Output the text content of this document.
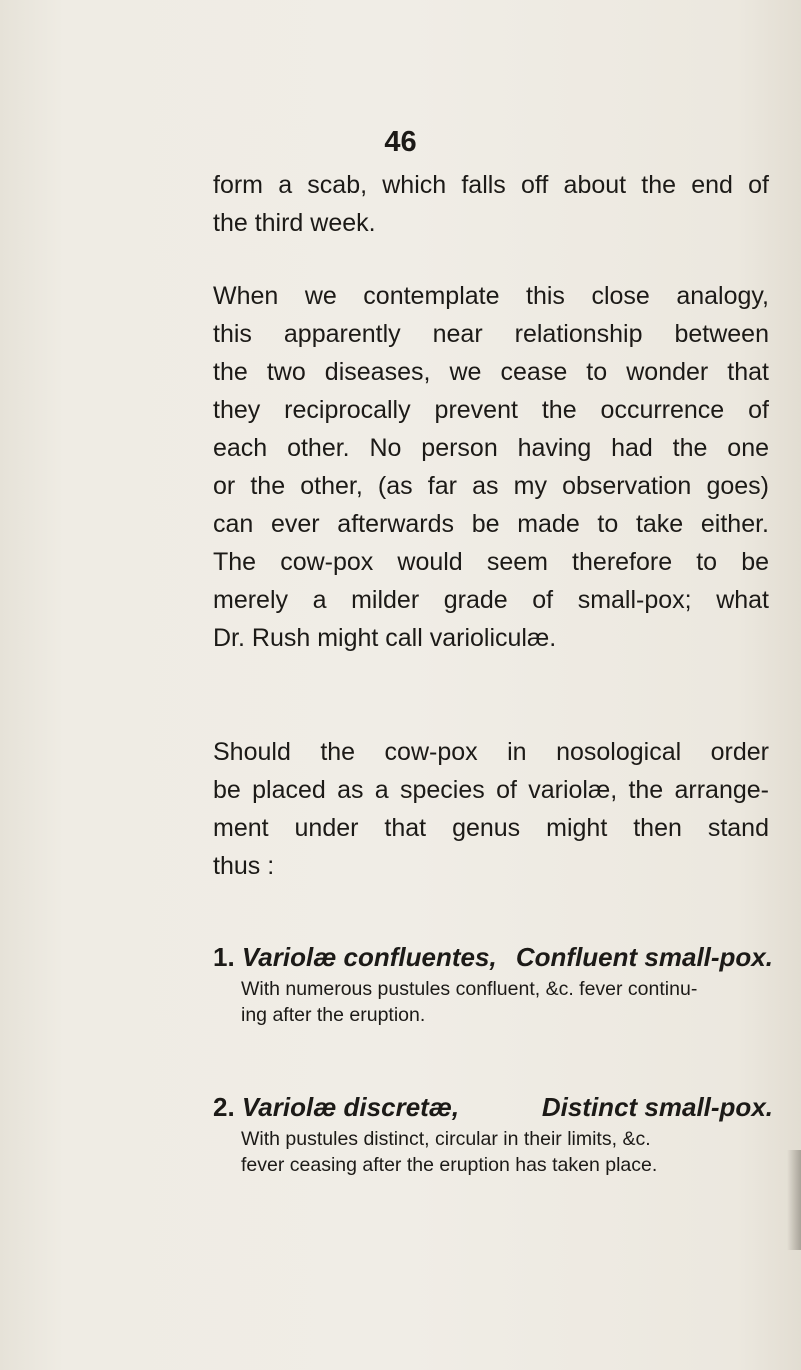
46
form a scab, which falls off about the end of
the third week.
When we contemplate this close analogy,
this apparently near relationship between
the two diseases, we cease to wonder that
they reciprocally prevent the occurrence of
each other. No person having had the one
or the other, (as far as my observation goes)
can ever afterwards be made to take either.
The cow-pox would seem therefore to be
merely a milder grade of small-pox; what
Dr. Rush might call varioliculæ.
Should the cow-pox in nosological order
be placed as a species of variolæ, the arrange-
ment under that genus might then stand
thus :
1. Variolæ confluentes, Confluent small-pox.
With numerous pustules confluent, &c. fever continu-
ing after the eruption.
2. Variolæ discretæ,	Distinct small-pox.
With pustules distinct, circular in their limits, &c.
fever ceasing after the eruption has taken place.
